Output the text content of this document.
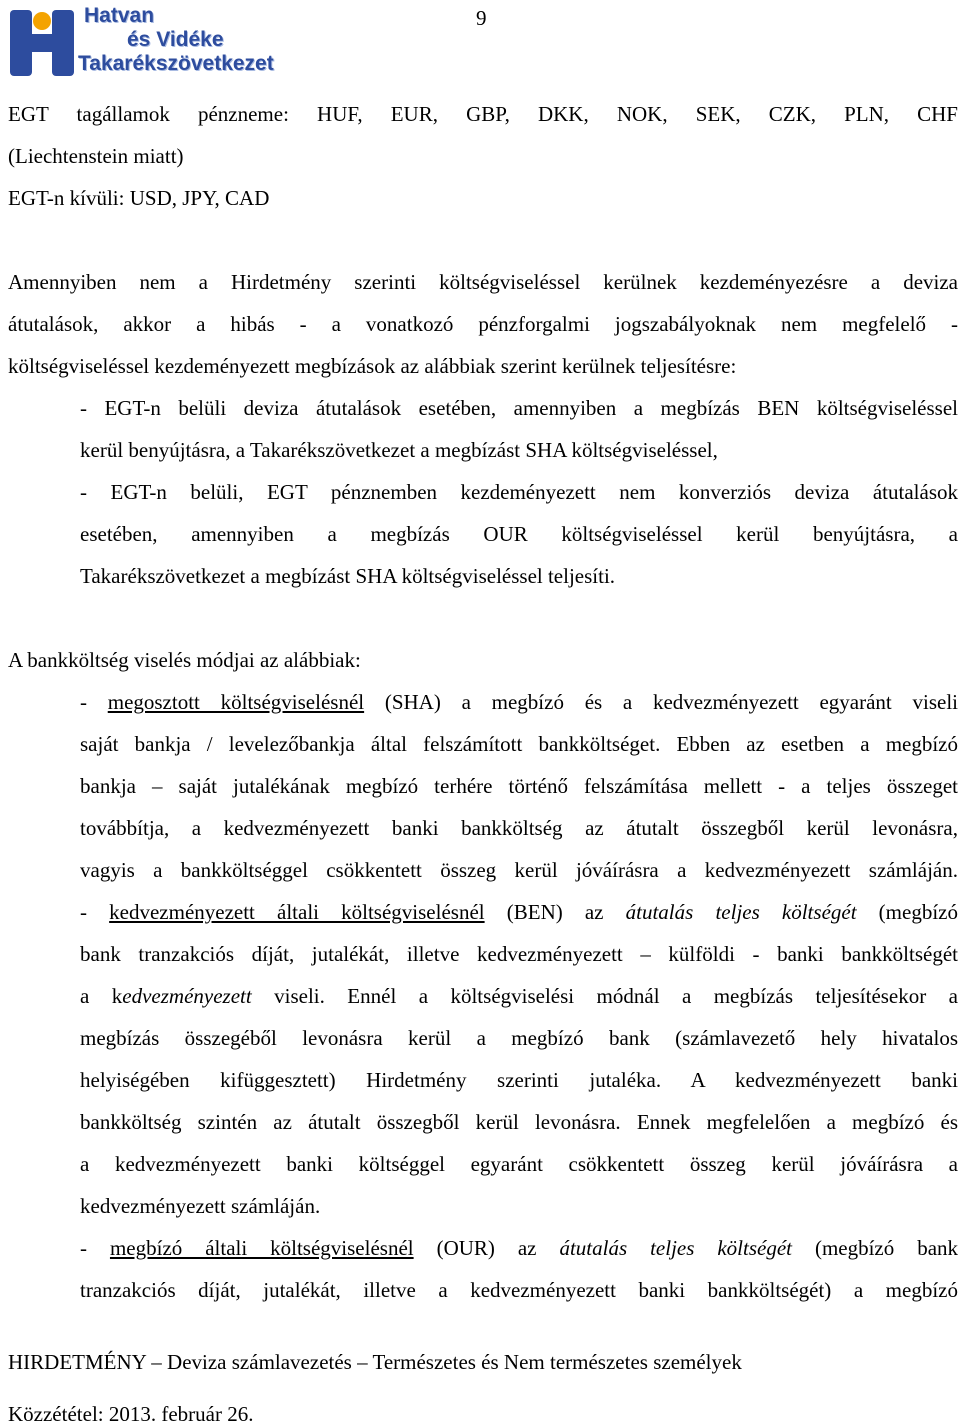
Hatvan
és Vidéke
Takarékszövetkezet
9
EGT tagállamok pénzneme: HUF, EUR, GBP, DKK, NOK, SEK, CZK, PLN, CHF
(Liechtenstein miatt)
EGT-n kívüli: USD, JPY, CAD
Amennyiben nem a Hirdetmény szerinti költségviseléssel kerülnek kezdeményezésre a deviza
átutalások, akkor a hibás - a vonatkozó pénzforgalmi jogszabályoknak nem megfelelő -
költségviseléssel kezdeményezett megbízások az alábbiak szerint kerülnek teljesítésre:
- EGT-n belüli deviza átutalások esetében, amennyiben a megbízás BEN költségviseléssel
kerül benyújtásra, a Takarékszövetkezet a megbízást SHA költségviseléssel,
- EGT-n belüli, EGT pénznemben kezdeményezett nem konverziós deviza átutalások
esetében, amennyiben a megbízás OUR költségviseléssel kerül benyújtásra, a
Takarékszövetkezet a megbízást SHA költségviseléssel teljesíti.
A bankköltség viselés módjai az alábbiak:
- megosztott költségviselésnél (SHA) a megbízó és a kedvezményezett egyaránt viseli
saját bankja / levelezőbankja által felszámított bankköltséget. Ebben az esetben a megbízó
bankja – saját jutalékának megbízó terhére történő felszámítása mellett - a teljes összeget
továbbítja, a kedvezményezett banki bankköltség az átutalt összegből kerül levonásra,
vagyis a bankköltséggel csökkentett összeg kerül jóváírásra a kedvezményezett számláján.
- kedvezményezett általi költségviselésnél (BEN) az átutalás teljes költségét (megbízó
bank tranzakciós díját, jutalékát, illetve kedvezményezett – külföldi - banki bankköltségét
a kedvezményezett viseli. Ennél a költségviselési módnál a megbízás teljesítésekor a
megbízás összegéből levonásra kerül a megbízó bank (számlavezető hely hivatalos
helyiségében kifüggesztett) Hirdetmény szerinti jutaléka. A kedvezményezett banki
bankköltség szintén az átutalt összegből kerül levonásra. Ennek megfelelően a megbízó és
a kedvezményezett banki költséggel egyaránt csökkentett összeg kerül jóváírásra a
kedvezményezett számláján.
- megbízó általi költségviselésnél (OUR) az átutalás teljes költségét (megbízó bank
tranzakciós díját, jutalékát, illetve a kedvezményezett banki bankköltségét) a megbízó
HIRDETMÉNY – Deviza számlavezetés – Természetes és Nem természetes személyek
Közzététel: 2013. február 26.
